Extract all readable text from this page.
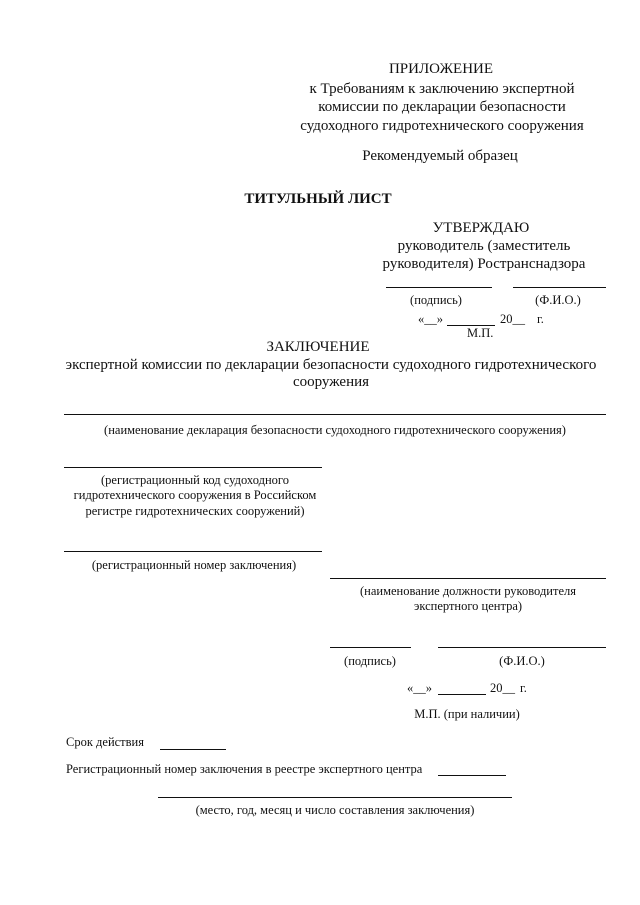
ПРИЛОЖЕНИЕ
к Требованиям к заключению экспертной
комиссии по декларации безопасности
судоходного гидротехнического сооружения
Рекомендуемый образец
ТИТУЛЬНЫЙ ЛИСТ
УТВЕРЖДАЮ
руководитель (заместитель
руководителя) Ространснадзора
(подпись)	(Ф.И.О.)
«__»	20__ г.
М.П.
ЗАКЛЮЧЕНИЕ
экспертной комиссии по декларации безопасности судоходного гидротехнического
сооружения
(наименование декларация безопасности судоходного гидротехнического сооружения)
(регистрационный код судоходного
гидротехнического сооружения в Российском
регистре гидротехнических сооружений)
(регистрационный номер заключения)
(наименование должности руководителя
экспертного центра)
(подпись)	(Ф.И.О.)
«__»	20__ г.
М.П. (при наличии)
Срок действия
Регистрационный номер заключения в реестре экспертного центра
(место, год, месяц и число составления заключения)
